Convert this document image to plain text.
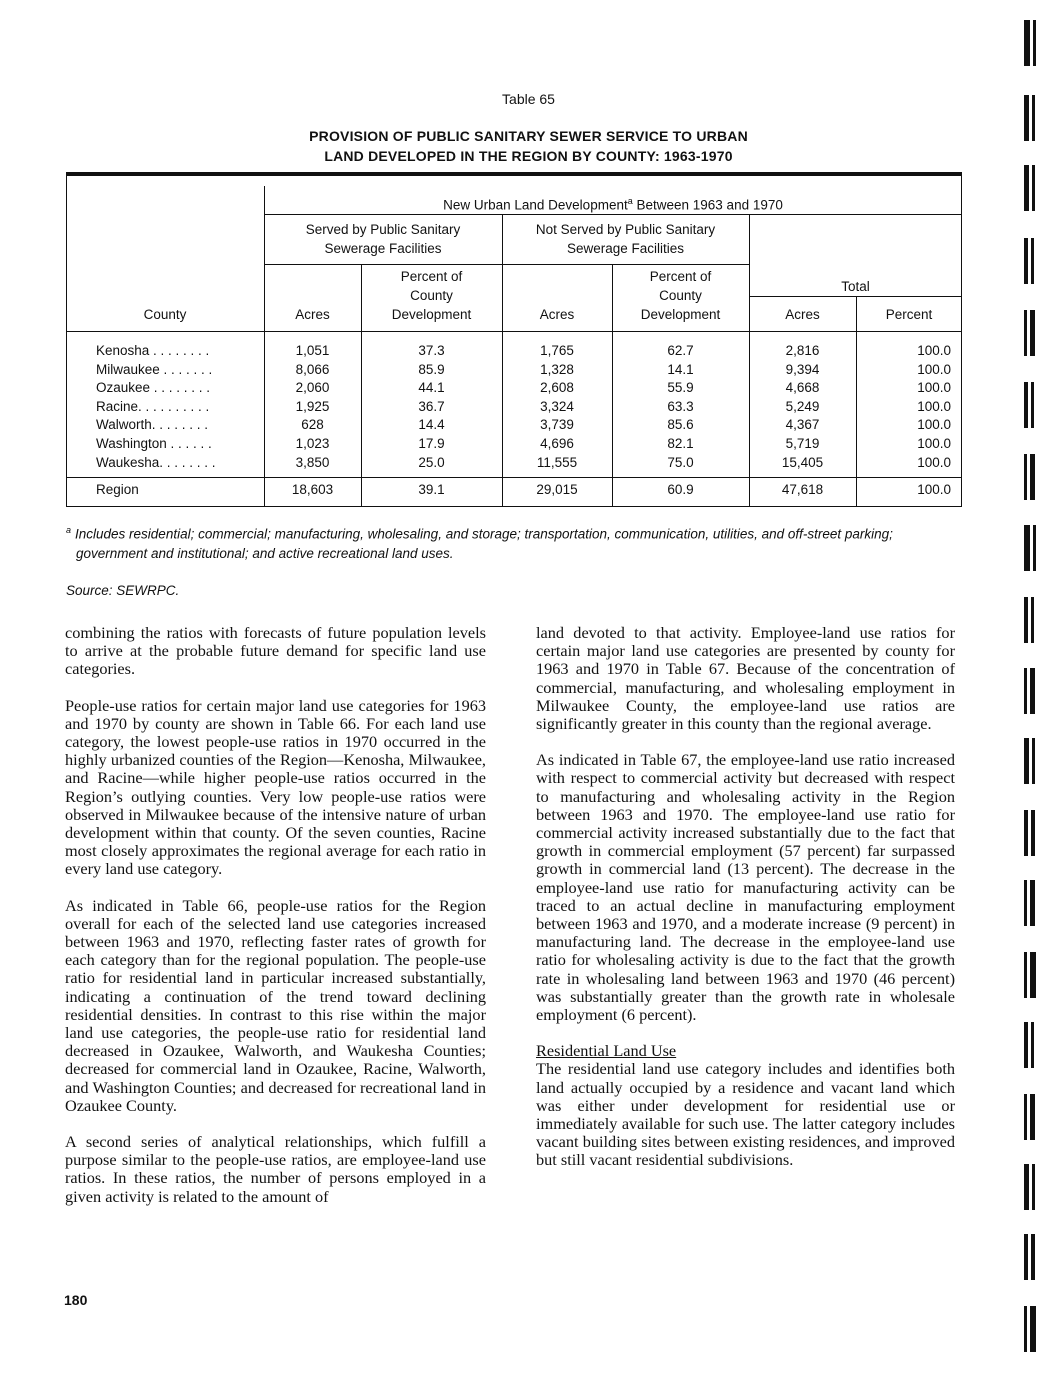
Table 65
PROVISION OF PUBLIC SANITARY SEWER SERVICE TO URBAN
LAND DEVELOPED IN THE REGION BY COUNTY: 1963-1970
New Urban Land Development$^a$ Between 1963 and 1970
Served by Public Sanitary
Sewerage Facilities
Not Served by Public Sanitary
Sewerage Facilities
Total
County	Acres
Percent of
County
Development	Acres
Percent of
County
Development	Acres	Percent
Kenosha . . . . . . . .	1,051	37.3	1,765	62.7	2,816	100.0
Milwaukee . . . . . . .	8,066	85.9	1,328	14.1	9,394	100.0
Ozaukee . . . . . . . .	2,060	44.1	2,608	55.9	4,668	100.0
Racine. . . . . . . . . .	1,925	36.7	3,324	63.3	5,249	100.0
Walworth. . . . . . . .	628	14.4	3,739	85.6	4,367	100.0
Washington . . . . . .	1,023	17.9	4,696	82.1	5,719	100.0
Waukesha. . . . . . . .	3,850	25.0	11,555	75.0	15,405	100.0
Region	18,603	39.1	29,015	60.9	47,618	100.0
$^a$ Includes residential; commercial; manufacturing, wholesaling, and storage; transportation, communication, utilities, and off-street parking;
government and institutional; and active recreational land uses.
Source: SEWRPC.

combining the ratios with forecasts of future population levels to arrive at the probable future demand for specific land use categories.

People-use ratios for certain major land use categories for 1963 and 1970 by county are shown in Table 66. For each land use category, the lowest people-use ratios in 1970 occurred in the highly urbanized counties of the Region—Kenosha, Milwaukee, and Racine—while higher people-use ratios occurred in the Region’s outlying counties. Very low people-use ratios were observed in Milwaukee because of the intensive nature of urban development within that county. Of the seven counties, Racine most closely approximates the regional average for each ratio in every land use category.

As indicated in Table 66, people-use ratios for the Region overall for each of the selected land use categories increased between 1963 and 1970, reflecting faster rates of growth for each category than for the regional population. The people-use ratio for residential land in particular increased substantially, indicating a continuation of the trend toward declining residential densities. In contrast to this rise within the major land use categories, the people-use ratio for residential land decreased in Ozaukee, Walworth, and Waukesha Counties; decreased for commercial land in Ozaukee, Racine, Walworth, and Washington Counties; and decreased for recreational land in Ozaukee County.

A second series of analytical relationships, which fulfill a purpose similar to the people-use ratios, are employee-land use ratios. In these ratios, the number of persons employed in a given activity is related to the amount of

land devoted to that activity. Employee-land use ratios for certain major land use categories are presented by county for 1963 and 1970 in Table 67. Because of the concentration of commercial, manufacturing, and wholesaling employment in Milwaukee County, the employee-land use ratios are significantly greater in this county than the regional average.

As indicated in Table 67, the employee-land use ratio increased with respect to commercial activity but decreased with respect to manufacturing and wholesaling activity in the Region between 1963 and 1970. The employee-land use ratio for commercial activity increased substantially due to the fact that growth in commercial employment (57 percent) far surpassed growth in commercial land (13 percent). The decrease in the employee-land use ratio for manufacturing activity can be traced to an actual decline in manufacturing employment between 1963 and 1970, and a moderate increase (9 percent) in manufacturing land. The decrease in the employee-land use ratio for wholesaling activity is due to the fact that the growth rate in wholesaling land between 1963 and 1970 (46 percent) was substantially greater than the growth rate in wholesale employment (6 percent).

Residential Land Use

The residential land use category includes and identifies both land actually occupied by a residence and vacant land which was either under development for residential use or immediately available for such use. The latter category includes vacant building sites between existing residences, and improved but still vacant residential subdivisions.

180
